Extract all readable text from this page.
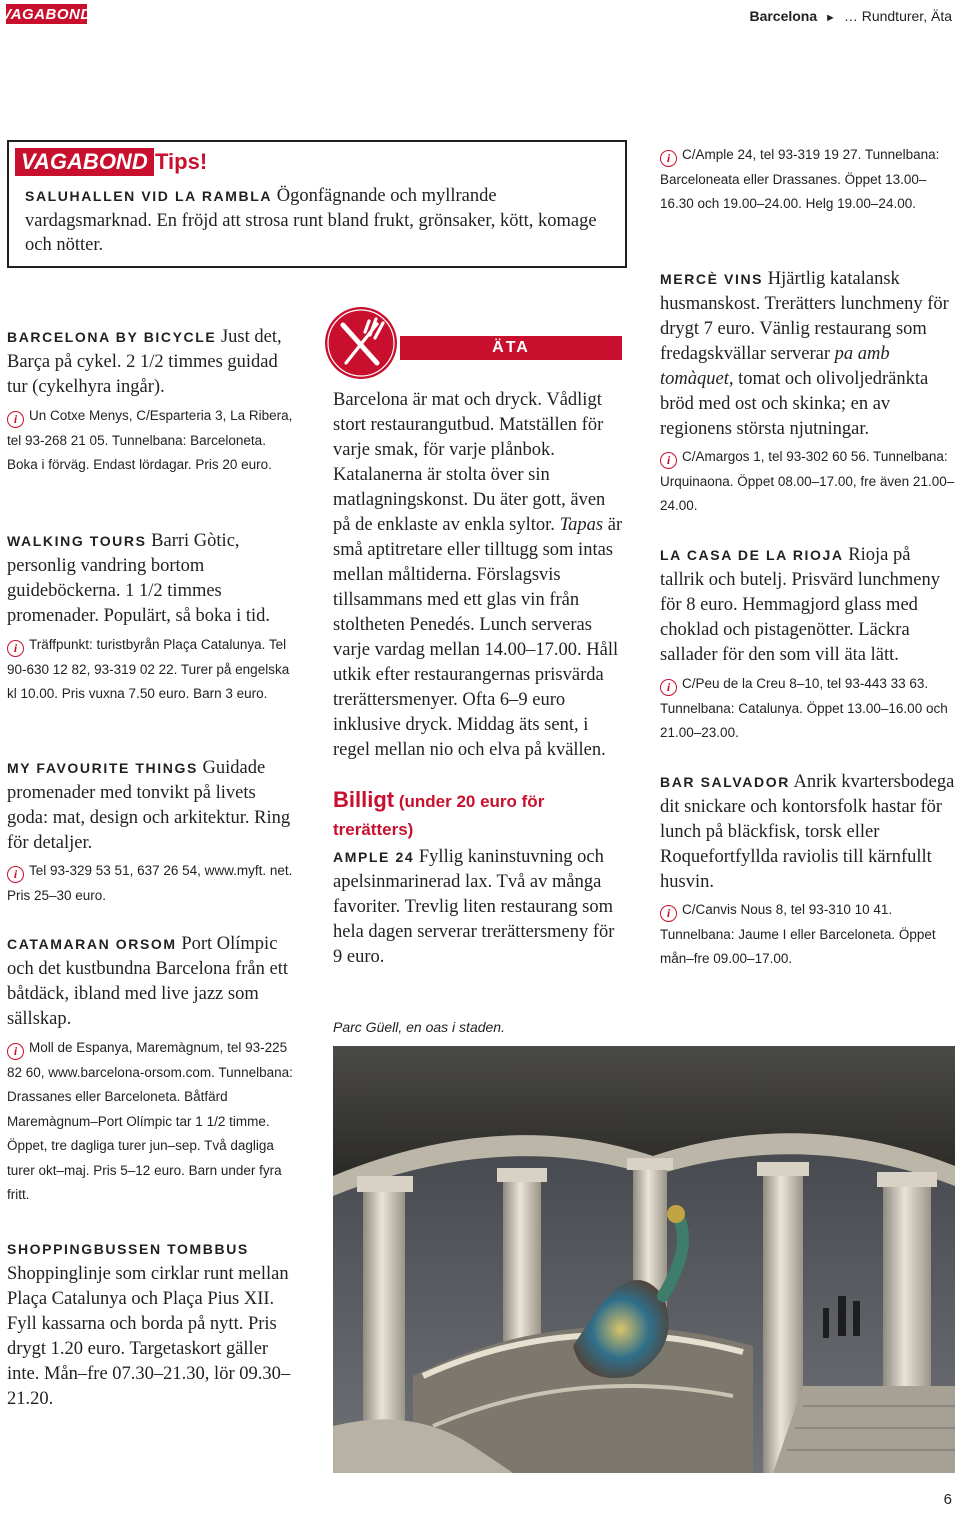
VAGABOND	Barcelona ► … Rundturer, Äta
VAGABOND Tips!
SALUHALLEN VID LA RAMBLA Ögonfägnande och myllrande vardagsmarknad. En fröjd att strosa runt bland frukt, grönsaker, kött, komage och nötter.
BARCELONA BY BICYCLE Just det, Barça på cykel. 2 1/2 timmes guidad tur (cykelhyra ingår).
i Un Cotxe Menys, C/Esparteria 3, La Ribera, tel 93-268 21 05. Tunnelbana: Barceloneta. Boka i förväg. Endast lördagar. Pris 20 euro.
WALKING TOURS Barri Gòtic, personlig vandring bortom guideböckerna. 1 1/2 timmes promenader. Populärt, så boka i tid.
i Träffpunkt: turistbyrån Plaça Catalunya. Tel 90-630 12 82, 93-319 02 22. Turer på engelska kl 10.00. Pris vuxna 7.50 euro. Barn 3 euro.
MY FAVOURITE THINGS Guidade promenader med tonvikt på livets goda: mat, design och arkitektur. Ring för detaljer.
i Tel 93-329 53 51, 637 26 54, www.myft. net. Pris 25–30 euro.
CATAMARAN ORSOM Port Olímpic och det kustbundna Barcelona från ett båtdäck, ibland med live jazz som sällskap.
i Moll de Espanya, Maremàgnum, tel 93-225 82 60, www.barcelona-orsom.com. Tunnelbana: Drassanes eller Barceloneta. Båtfärd Maremàgnum–Port Olímpic tar 1 1/2 timme. Öppet, tre dagliga turer jun–sep. Två dagliga turer okt–maj. Pris 5–12 euro. Barn under fyra fritt.
SHOPPINGBUSSEN TOMBBUS
Shoppinglinje som cirklar runt mellan Plaça Catalunya och Plaça Pius XII. Fyll kassarna och borda på nytt. Pris drygt 1.20 euro. Targetaskort gäller inte. Mån–fre 07.30–21.30, lör 09.30–21.20.
ÄTA
Barcelona är mat och dryck. Vådligt stort restaurangutbud. Matställen för varje smak, för varje plånbok. Katalanerna är stolta över sin matlagningskonst. Du äter gott, även på de enklaste av enkla syltor. Tapas är små aptitretare eller tilltugg som intas mellan måltiderna. Förslagsvis tillsammans med ett glas vin från stoltheten Penedés. Lunch serveras varje vardag mellan 14.00–17.00. Håll utkik efter restaurangernas prisvärda trerättersmenyer. Ofta 6–9 euro inklusive dryck. Middag äts sent, i regel mellan nio och elva på kvällen.
Billigt (under 20 euro för trerätters)
AMPLE 24 Fyllig kaninstuvning och apelsinmarinerad lax. Två av många favoriter. Trevlig liten restaurang som hela dagen serverar trerättersmeny för 9 euro.
Parc Güell, en oas i staden.
i C/Ample 24, tel 93-319 19 27. Tunnelbana: Barceloneata eller Drassanes. Öppet 13.00–16.30 och 19.00–24.00. Helg 19.00–24.00.
MERCÈ VINS Hjärtlig katalansk husmanskost. Trerätters lunchmeny för drygt 7 euro. Vänlig restaurang som fredagskvällar serverar pa amb tomàquet, tomat och olivoljedränkta bröd med ost och skinka; en av regionens största njutningar.
i C/Amargos 1, tel 93-302 60 56. Tunnelbana: Urquinaona. Öppet 08.00–17.00, fre även 21.00–24.00.
LA CASA DE LA RIOJA Rioja på tallrik och butelj. Prisvärd lunchmeny för 8 euro. Hemmagjord glass med choklad och pistagenötter. Läckra sallader för den som vill äta lätt.
i C/Peu de la Creu 8–10, tel 93-443 33 63. Tunnelbana: Catalunya. Öppet 13.00–16.00 och 21.00–23.00.
BAR SALVADOR Anrik kvartersbodega dit snickare och kontorsfolk hastar för lunch på bläckfisk, torsk eller Roquefortfyllda raviolis till kärnfullt husvin.
i C/Canvis Nous 8, tel 93-310 10 41. Tunnelbana: Jaume I eller Barceloneta. Öppet mån–fre 09.00–17.00.
6
